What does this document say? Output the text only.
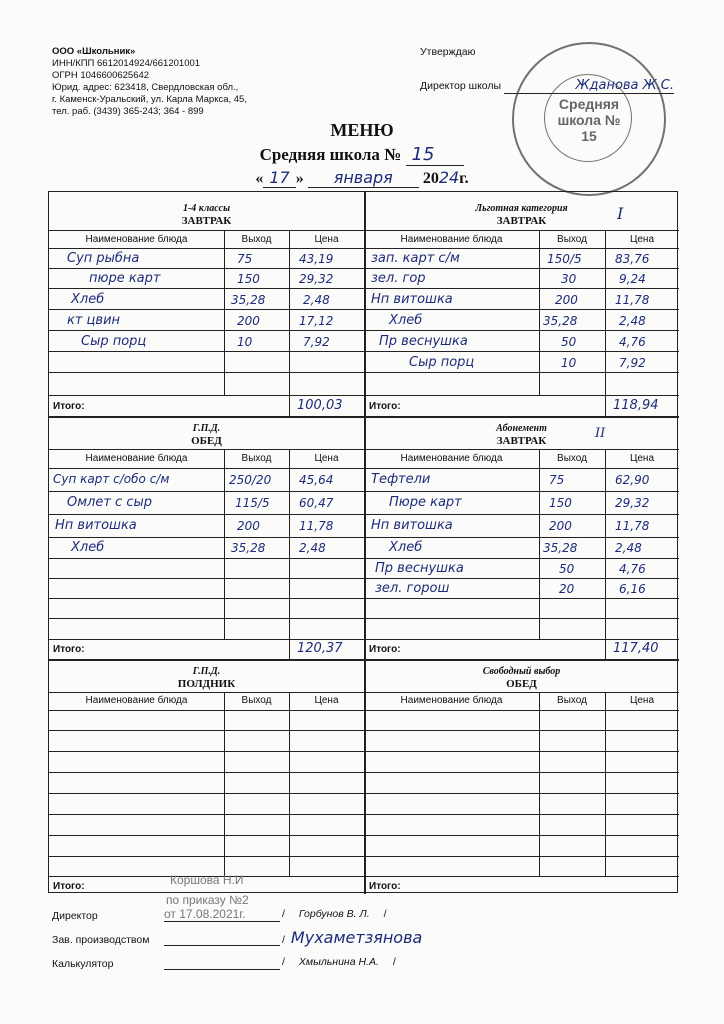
ООО «Школьник»
ИНН/КПП 6612014924/661201001
ОГРН 1046600625642
Юрид. адрес: 623418, Свердловская обл.,
г. Каменск-Уральский, ул. Карла Маркса, 45,
тел. раб. (3439) 365-243; 364 - 899
Утверждаю
Директор школы	Жданова Ж.С.
Средняя школа № 15
МЕНЮ
Средняя школа № 15
« 17 » января 2024г.
1-4 классы
ЗАВТРАК
Льготная категория
ЗАВТРАК	I
Наименование блюда	Выход	Цена	Наименование блюда	Выход	Цена
Суп рыбна	75	43,19
пюре карт	150	29,32
Хлеб	35,28	2,48
кт цвин	200	17,12
Сыр порц	10	7,92
зап. карт с/м	150/5	83,76
зел. гор	30	9,24
Нп витошка	200	11,78
Хлеб	35,28	2,48
Пр веснушка	50	4,76
Сыр порц	10	7,92
Итого:	100,03	Итого:	118,94
Г.П.Д.
ОБЕД
Абонемент
ЗАВТРАК	II
Наименование блюда	Выход	Цена	Наименование блюда	Выход	Цена
Суп карт с/обо с/м	250/20 45,64
Омлет с сыр	115/5 60,47
Нп витошка	200	11,78
Хлеб	35,28	2,48
Тефтели	75	62,90
Пюре карт	150	29,32
Нп витошка	200	11,78
Хлеб	35,28	2,48
Пр веснушка	50	4,76
зел. горош	20	6,16
Итого:	120,37	Итого:	117,40
Г.П.Д.
ПОЛДНИК
Свободный выбор
ОБЕД
Наименование блюда	Выход	Цена	Наименование блюда	Выход	Цена
Итого:	Итого:
Коршова Н.И
по приказу №2
от 17.08.2021г.
Директор	/ Горбунов В. Л. /
Зав. производством	/ Мухаметзянова
Калькулятор	/ Хмыльнина Н.А. /
